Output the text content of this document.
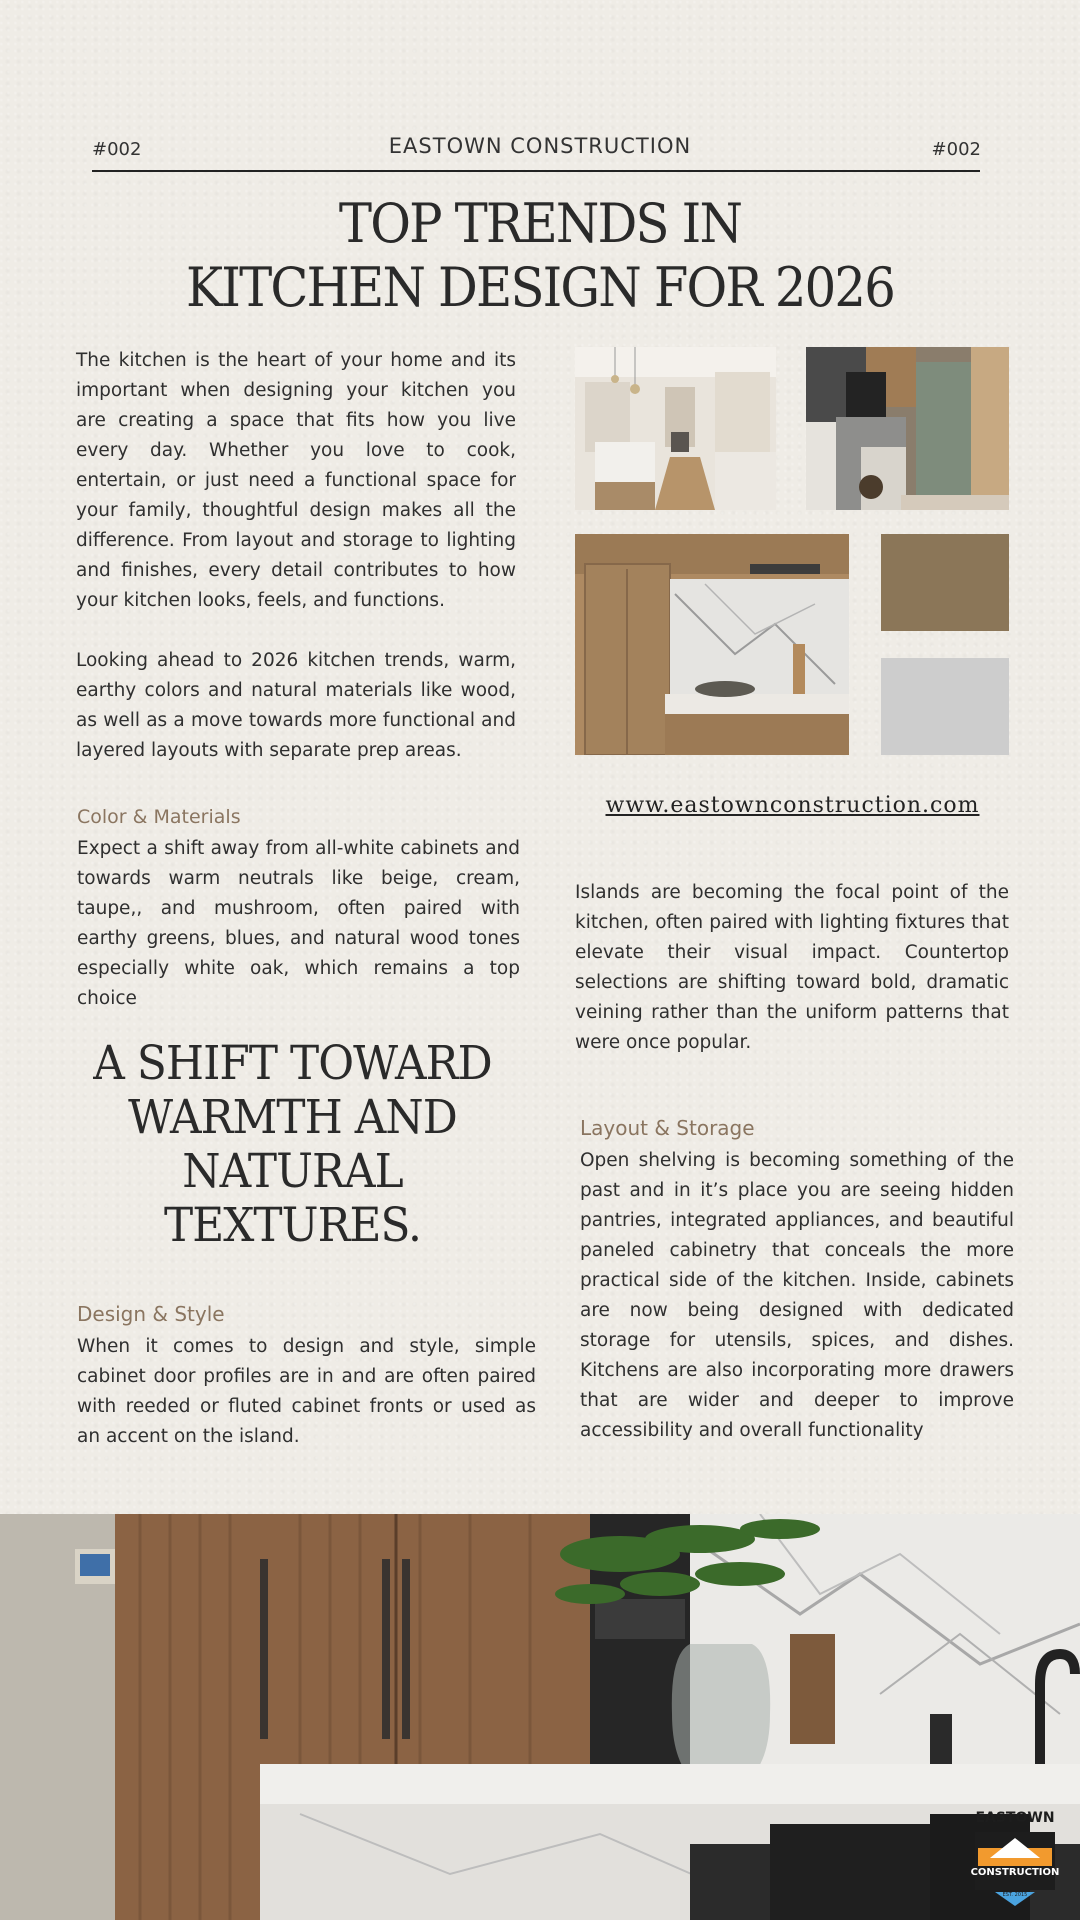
#002	EASTOWN CONSTRUCTION	#002
TOP TRENDS IN
KITCHEN DESIGN FOR 2026
The kitchen is the heart of your home and its important when designing your kitchen you are creating a space that fits how you live every day. Whether you love to cook, entertain, or just need a functional space for your family, thoughtful design makes all the difference. From layout and storage to lighting and finishes, every detail contributes to how your kitchen looks, feels, and functions.
Looking ahead to 2026 kitchen trends, warm, earthy colors and natural materials like wood, as well as a move towards more functional and layered layouts with separate prep areas.
Color & Materials
Expect a shift away from all-white cabinets and towards warm neutrals like beige, cream, taupe,, and mushroom, often paired with earthy greens, blues, and natural wood tones especially white oak, which remains a top choice
A SHIFT TOWARD
WARMTH AND
NATURAL
TEXTURES.
Design & Style
When it comes to design and style, simple cabinet door profiles are in and are often paired with reeded or fluted cabinet fronts or used as an accent on the island.
www.eastownconstruction.com
Islands are becoming the focal point of the kitchen, often paired with lighting fixtures that elevate their visual impact. Countertop selections are shifting toward bold, dramatic veining rather than the uniform patterns that were once popular.
Layout & Storage
Open shelving is becoming something of the past and in it’s place you are seeing hidden pantries, integrated appliances, and beautiful paneled cabinetry that conceals the more practical side of the kitchen. Inside, cabinets are now being designed with dedicated storage for utensils, spices, and dishes. Kitchens are also incorporating more drawers that are wider and deeper to improve accessibility and overall functionality
EASTOWN
CONSTRUCTION
EST. 2015
